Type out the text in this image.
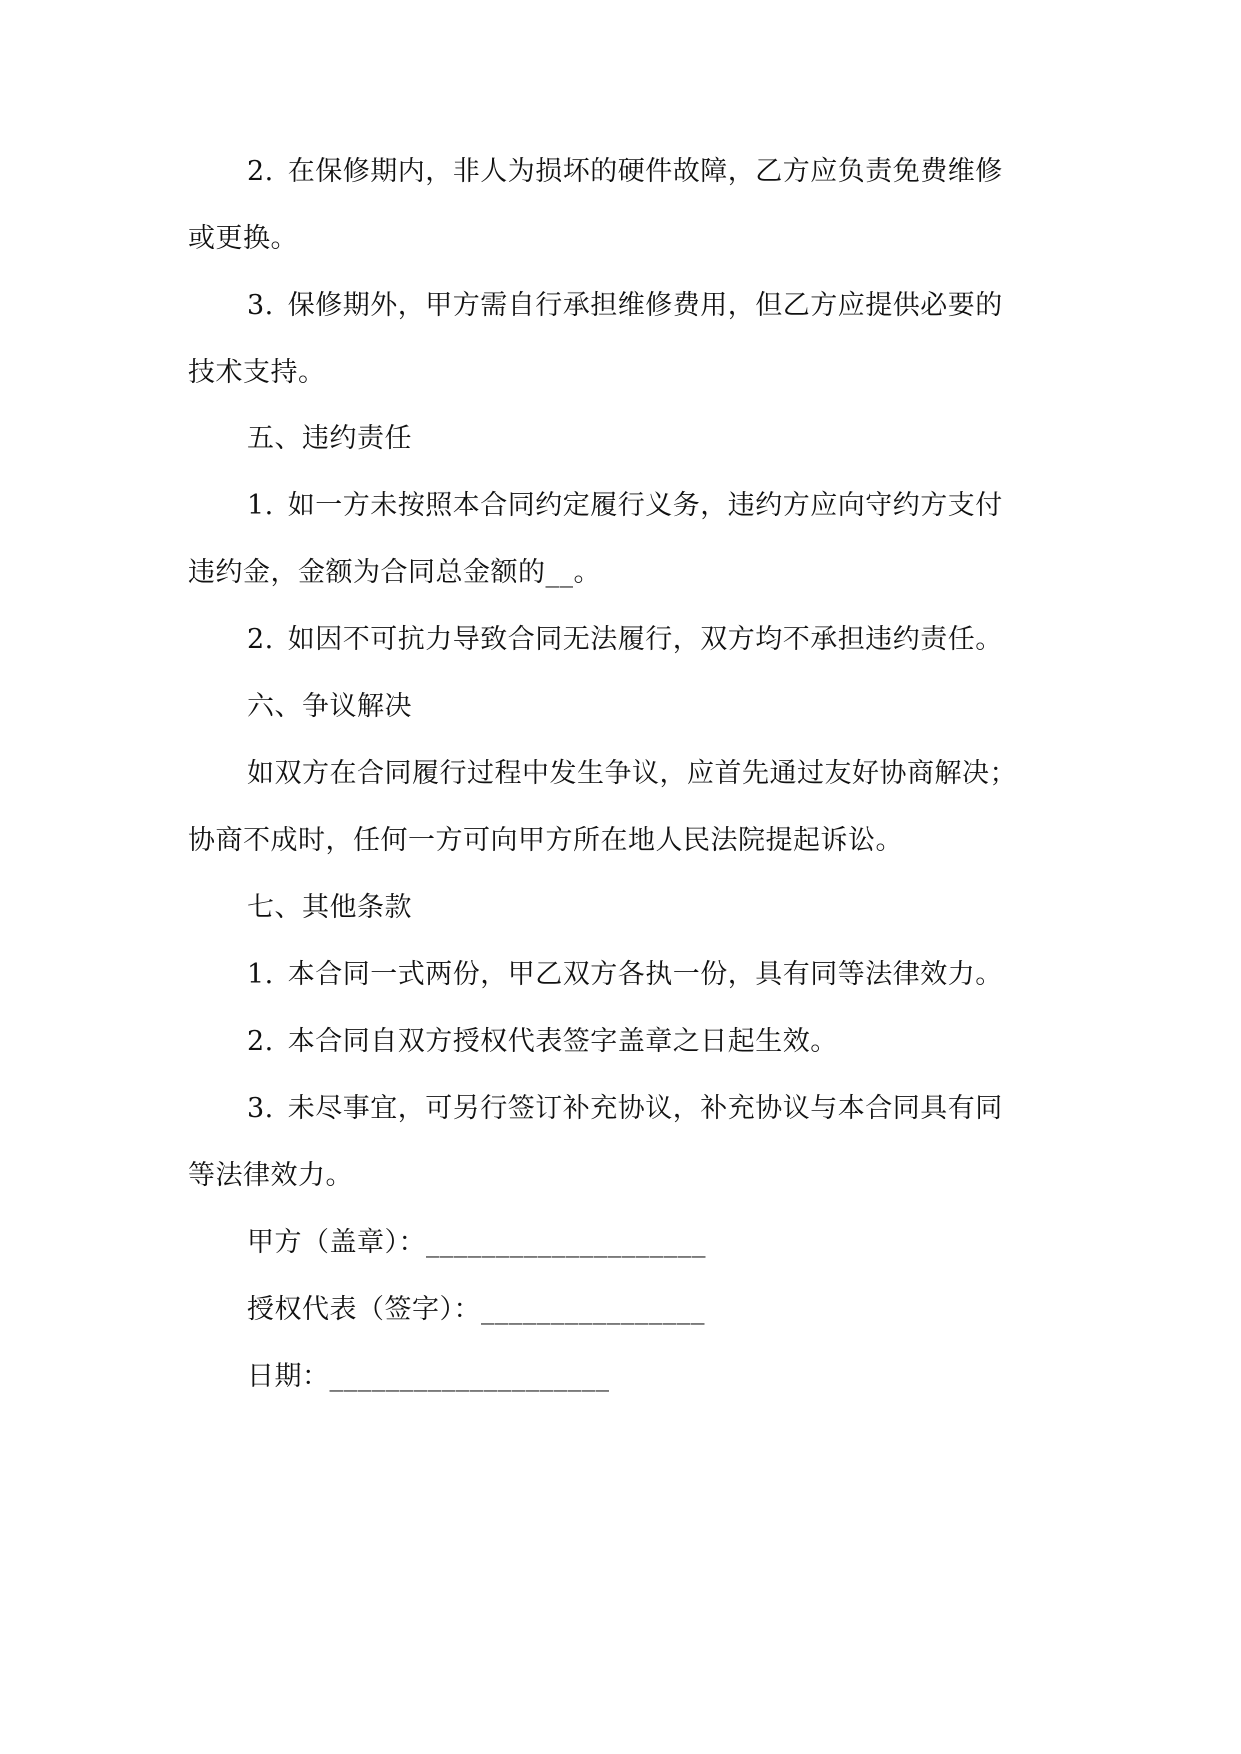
2. 在保修期内，非人为损坏的硬件故障，乙方应负责免费维修
或更换。
3. 保修期外，甲方需自行承担维修费用，但乙方应提供必要的
技术支持。
五、违约责任
1. 如一方未按照本合同约定履行义务，违约方应向守约方支付
违约金，金额为合同总金额的__。
2. 如因不可抗力导致合同无法履行，双方均不承担违约责任。
六、争议解决
如双方在合同履行过程中发生争议，应首先通过友好协商解决；
协商不成时，任何一方可向甲方所在地人民法院提起诉讼。
七、其他条款
1. 本合同一式两份，甲乙双方各执一份，具有同等法律效力。
2. 本合同自双方授权代表签字盖章之日起生效。
3. 未尽事宜，可另行签订补充协议，补充协议与本合同具有同
等法律效力。
甲方（盖章）：____________________
授权代表（签字）：________________
日期：____________________
